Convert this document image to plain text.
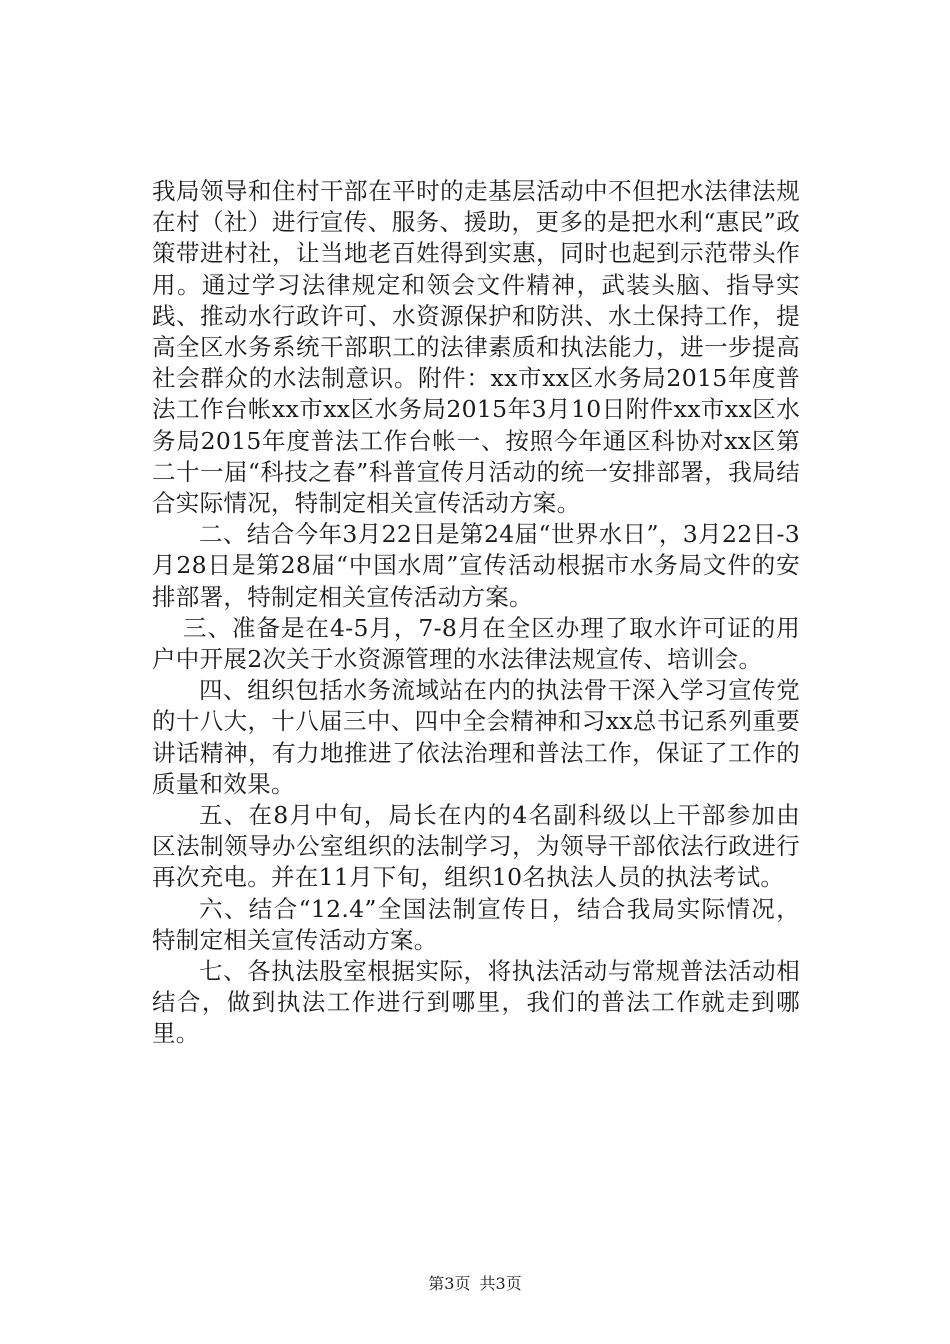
我局领导和住村干部在平时的走基层活动中不但把水法律法规在村（社）进行宣传、服务、援助，更多的是把水利“惠民”政策带进村社，让当地老百姓得到实惠，同时也起到示范带头作用。通过学习法律规定和领会文件精神，武装头脑、指导实践、推动水行政许可、水资源保护和防洪、水土保持工作，提高全区水务系统干部职工的法律素质和执法能力，进一步提高社会群众的水法制意识。附件：xx市xx区水务局2015年度普法工作台帐xx市xx区水务局2015年3月10日附件xx市xx区水务局2015年度普法工作台帐一、按照今年通区科协对xx区第二十一届“科技之春”科普宣传月活动的统一安排部署，我局结合实际情况，特制定相关宣传活动方案。

二、结合今年3月22日是第24届“世界水日”，3月22日-3月28日是第28届“中国水周”宣传活动根据市水务局文件的安排部署，特制定相关宣传活动方案。

三、准备是在4-5月，7-8月在全区办理了取水许可证的用户中开展2次关于水资源管理的水法律法规宣传、培训会。

四、组织包括水务流域站在内的执法骨干深入学习宣传党的十八大，十八届三中、四中全会精神和习xx总书记系列重要讲话精神，有力地推进了依法治理和普法工作，保证了工作的质量和效果。

五、在8月中旬，局长在内的4名副科级以上干部参加由区法制领导办公室组织的法制学习，为领导干部依法行政进行再次充电。并在11月下旬，组织10名执法人员的执法考试。

六、结合“12.4”全国法制宣传日，结合我局实际情况，特制定相关宣传活动方案。

七、各执法股室根据实际，将执法活动与常规普法活动相结合，做到执法工作进行到哪里，我们的普法工作就走到哪里。

第3页 共3页
